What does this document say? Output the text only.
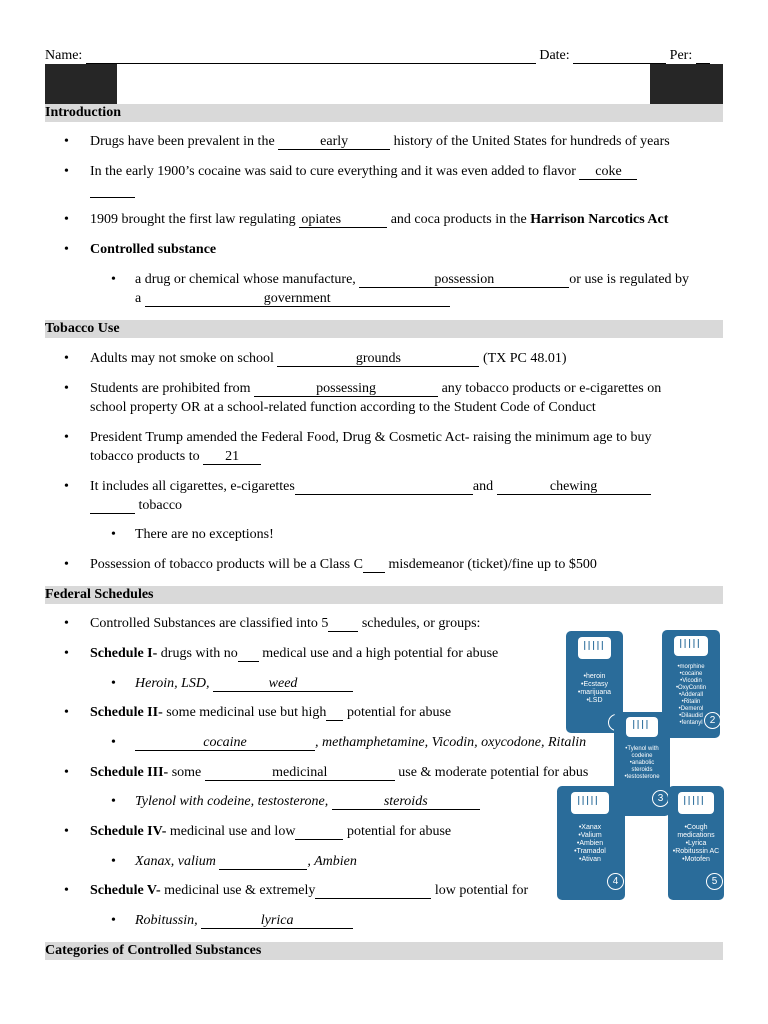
Name:	Date:	Per:
Introduction
• Drugs have been prevalent in the	early	history of the United States for hundreds of years
• In the early 1900’s cocaine was said to cure everything and it was even added to flavor coke

• 1909 brought the first law regulating opiates	and coca products in the Harrison Narcotics Act
• Controlled substance
• a drug or chemical whose manufacture,	possession	or use is regulated by
a	government
Tobacco Use
• Adults may not smoke on school	grounds	(TX PC 48.01)
• Students are prohibited from	possessing	any tobacco products or e-cigarettes on
school property OR at a school-related function according to the Student Code of Conduct
• President Trump amended the Federal Food, Drug & Cosmetic Act- raising the minimum age to buy
tobacco products to 21
• It includes all cigarettes, e-cigarettes	and	chewing
tobacco
• There are no exceptions!
• Possession of tobacco products will be a Class C misdemeanor (ticket)/fine up to $500
Federal Schedules
• Controlled Substances are classified into 5 schedules, or groups:
• Schedule I- drugs with no medical use and a high potential for abuse
• Heroin, LSD,	weed
• Schedule II- some medicinal use but high potential for abuse
•	cocaine	, methamphetamine, Vicodin, oxycodone, Ritalin
• Schedule III- some	medicinal	use & moderate potential for abus
• Tylenol with codeine, testosterone,	steroids
• Schedule IV- medicinal use and low	potential for abuse
• Xanax, valium	, Ambien
• Schedule V- medicinal use & extremely	low potential for
• Robitussin,	lyrica
Categories of Controlled Substances
|||||
•heroin
•Ecstasy
•marijuana
•LSD
|||||
•morphine
•cocaine
•Vicodin
•OxyContin
•Adderall
•Ritalin
•Demerol
•Dilaudid
•fentanyl 2
||||
•Tylenol with
codeine
•anabolic
steroids
•testosterone
3
|||||
•Xanax
•Valium
•Ambien
•Tramadol
•Ativan
4
|||||
•Cough
medications
•Lyrica
•Robitussin AC
•Motofen
5
